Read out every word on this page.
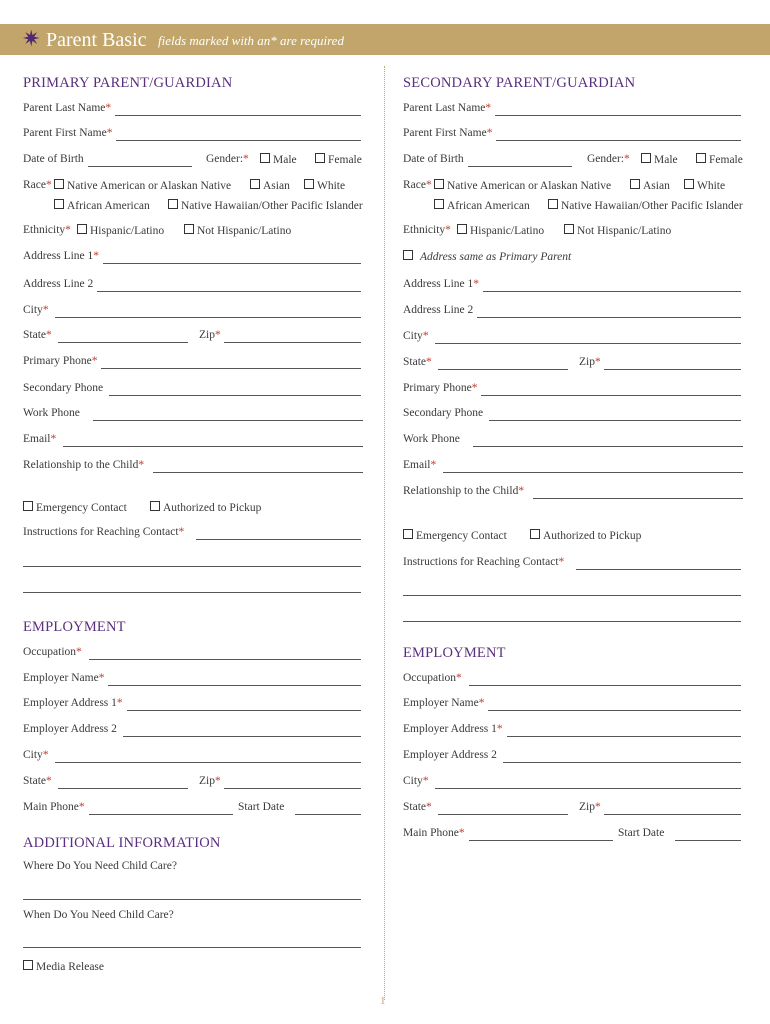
✷ Parent Basic fields marked with an* are required
1
PRIMARY PARENT/GUARDIAN
Parent Last Name*
Parent First Name*
Date of Birth	Gender:*	Male	Female
Race*	Native American or Alaskan Native	Asian	White
African American	Native Hawaiian/Other Pacific Islander
Ethnicity*	Hispanic/Latino	Not Hispanic/Latino
Address Line 1*
Address Line 2
City*
State*	Zip*
Primary Phone*
Secondary Phone
Work Phone
Email*
Relationship to the Child*
Emergency Contact	Authorized to Pickup
Instructions for Reaching Contact*
EMPLOYMENT
Occupation*
Employer Name*
Employer Address 1*
Employer Address 2
City*
State*	Zip*
Main Phone*	Start Date
ADDITIONAL INFORMATION
Where Do You Need Child Care?
When Do You Need Child Care?
Media Release
SECONDARY PARENT/GUARDIAN
Parent Last Name*
Parent First Name*
Date of Birth	Gender:*	Male	Female
Race*	Native American or Alaskan Native	Asian	White
African American	Native Hawaiian/Other Pacific Islander
Ethnicity*	Hispanic/Latino	Not Hispanic/Latino
Address same as Primary Parent
Address Line 1*
Address Line 2
City*
State*	Zip*
Primary Phone*
Secondary Phone
Work Phone
Email*
Relationship to the Child*
Emergency Contact	Authorized to Pickup
Instructions for Reaching Contact*
EMPLOYMENT
Occupation*
Employer Name*
Employer Address 1*
Employer Address 2
City*
State*	Zip*
Main Phone*	Start Date
